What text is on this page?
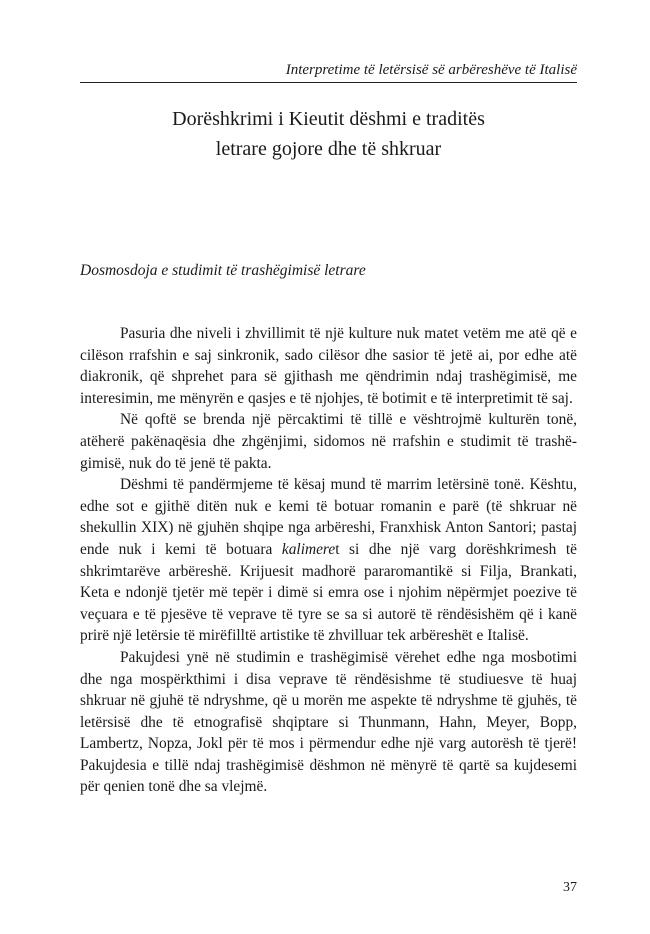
Interpretime të letërsisë së arbëreshëve të Italisë

Dorëshkrimi i Kieutit dëshmi e traditës
letrare gojore dhe të shkruar
Dosmosdoja e studimit të trashëgimisë letrare

Pasuria dhe niveli i zhvillimit të një kulture nuk matet vetëm me atë që e cilëson rrafshin e saj sinkronik, sado cilësor dhe sasior të jetë ai, por edhe atë diakronik, që shprehet para së gjithash me qëndrimin ndaj trashëgimisë, me interesimin, me mënyrën e qasjes e të njohjes, të botimit e të interpretimit të saj.

Në qoftë se brenda një përcaktimi të tillë e vështrojmë kulturën tonë, atëherë pakënaqësia dhe zhgënjimi, sidomos në rrafshin e studimit të trashëgimisë, nuk do të jenë të pakta.

Dëshmi të pandërmjeme të kësaj mund të marrim letërsinë tonë. Kështu, edhe sot e gjithë ditën nuk e kemi të botuar romanin e parë (të shkruar në shekullin XIX) në gjuhën shqipe nga arbëreshi, Franxhisk Anton Santori; pastaj ende nuk i kemi të botuara kalimeret si dhe një varg dorëshkrimesh të shkrimtarëve arbëreshë. Krijuesit madhorë pararomantikë si Filja, Brankati, Keta e ndonjë tjetër më tepër i dimë si emra ose i njohim nëpërmjet poezive të veçuara e të pjesëve të veprave të tyre se sa si autorë të rëndësishëm që i kanë prirë një letërsie të mirëfilltë artistike të zhvilluar tek arbëreshët e Italisë.

Pakujdesi ynë në studimin e trashëgimisë vërehet edhe nga mosbotimi dhe nga mospërkthimi i disa veprave të rëndësishme të studiuesve të huaj shkruar në gjuhë të ndryshme, që u morën me aspekte të ndryshme të gjuhës, të letërsisë dhe të etnografisë shqiptare si Thunmann, Hahn, Meyer, Bopp, Lambertz, Nopza, Jokl për të mos i përmendur edhe një varg autorësh të tjerë! Pakujdesia e tillë ndaj trashëgimisë dëshmon në mënyrë të qartë sa kujdesemi për qenien tonë dhe sa vlejmë.

37
